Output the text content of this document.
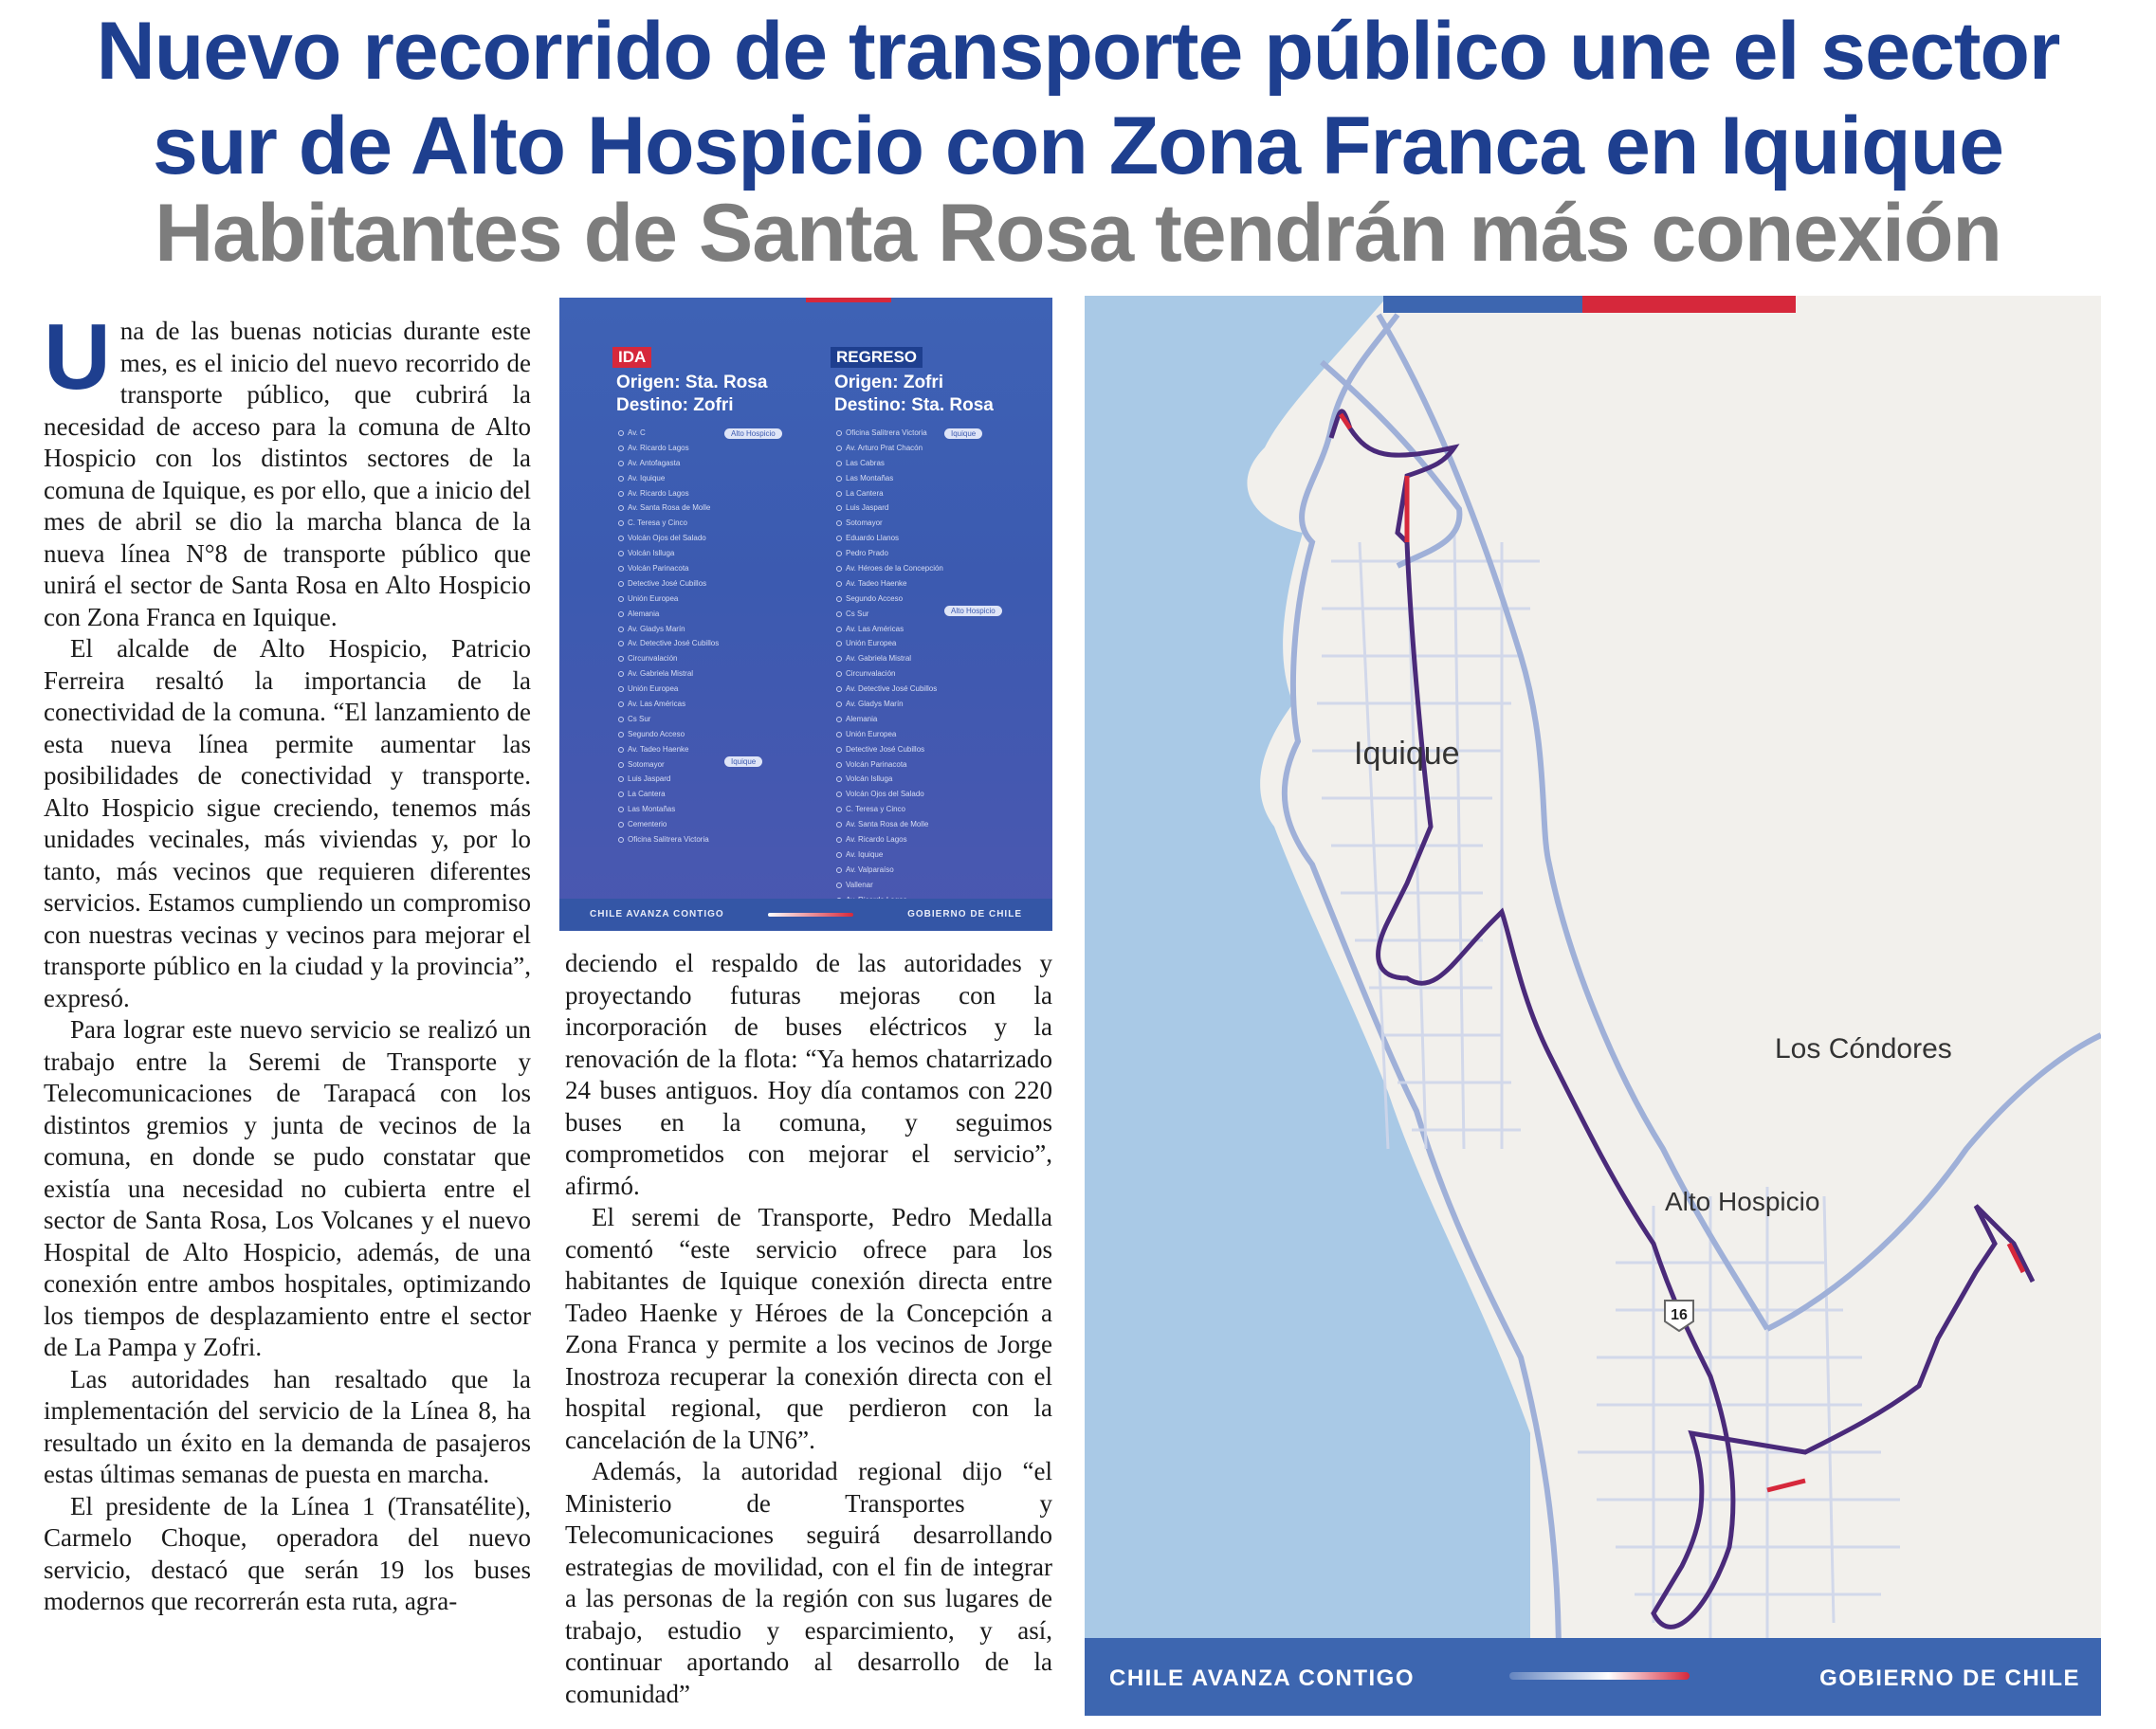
Nuevo recorrido de transporte público une el sector
sur de Alto Hospicio con Zona Franca en Iquique
Habitantes de Santa Rosa tendrán más conexión
U na de las buenas noticias durante este mes, es el inicio del nuevo recorrido de transporte público, que cubrirá la necesidad de acceso para la comuna de Alto Hospicio con los distintos sectores de la comuna de Iquique, es por ello, que a inicio del mes de abril se dio la marcha blanca de la nueva línea N°8 de transporte público que unirá el sector de Santa Rosa en Alto Hospicio con Zona Franca en Iquique.

El alcalde de Alto Hospicio, Patricio Ferreira resaltó la importancia de la conectividad de la comuna. “El lanzamiento de esta nueva línea permite aumentar las posibilidades de conectividad y transporte. Alto Hospicio sigue creciendo, tenemos más unidades vecinales, más viviendas y, por lo tanto, más vecinos que requieren diferentes servicios. Estamos cumpliendo un compromiso con nuestras vecinas y vecinos para mejorar el transporte público en la ciudad y la provincia”, expresó.

Para lograr este nuevo servicio se realizó un trabajo entre la Seremi de Transporte y Telecomunicaciones de Tarapacá con los distintos gremios y junta de vecinos de la comuna, en donde se pudo constatar que existía una necesidad no cubierta entre el sector de Santa Rosa, Los Volcanes y el nuevo Hospital de Alto Hospicio, además, de una conexión entre ambos hospitales, optimizando los tiempos de desplazamiento entre el sector de La Pampa y Zofri.

Las autoridades han resaltado que la implementación del servicio de la Línea 8, ha resultado un éxito en la demanda de pasajeros estas últimas semanas de puesta en marcha.

El presidente de la Línea 1 (Transatélite), Carmelo Choque, operadora del nuevo servicio, destacó que serán 19 los buses modernos que recorrerán esta ruta, agra-

deciendo el respaldo de las autoridades y proyectando futuras mejoras con la incorporación de buses eléctricos y la renovación de la flota: “Ya hemos chatarrizado 24 buses antiguos. Hoy día contamos con 220 buses en la comuna, y seguimos comprometidos con mejorar el servicio”, afirmó.

El seremi de Transporte, Pedro Medalla comentó “este servicio ofrece para los habitantes de Iquique conexión directa entre Tadeo Haenke y Héroes de la Concepción a Zona Franca y permite a los vecinos de Jorge Inostroza recuperar la conexión directa con el hospital regional, que perdieron con la cancelación de la UN6”.

Además, la autoridad regional dijo “el Ministerio de Transportes y Telecomunicaciones seguirá desarrollando estrategias de movilidad, con el fin de integrar a las personas de la región con sus lugares de trabajo, estudio y esparcimiento, y así, continuar aportando al desarrollo de la comunidad”

IDA
Origen: Sta. Rosa
Destino: Zofri
REGRESO
Origen: Zofri
Destino: Sta. Rosa
Av. C
Av. Ricardo Lagos
Av. Antofagasta
Av. Iquique
Av. Ricardo Lagos
Av. Santa Rosa de Molle
C. Teresa y Cinco
Volcán Ojos del Salado
Volcán Islluga
Volcán Parinacota
Detective José Cubillos
Unión Europea
Alemania
Av. Gladys Marín
Av. Detective José Cubillos
Circunvalación
Av. Gabriela Mistral
Unión Europea
Av. Las Américas
Cs Sur
Segundo Acceso
Av. Tadeo Haenke
Sotomayor
Luis Jaspard
La Cantera
Las Montañas
Cementerio
Oficina Salitrera Victoria
Alto Hospicio
Iquique
Oficina Salitrera Victoria
Av. Arturo Prat Chacón
Las Cabras
Las Montañas
La Cantera
Luis Jaspard
Sotomayor
Eduardo Llanos
Pedro Prado
Av. Héroes de la Concepción
Av. Tadeo Haenke
Segundo Acceso
Cs Sur
Av. Las Américas
Unión Europea
Av. Gabriela Mistral
Circunvalación
Av. Detective José Cubillos
Av. Gladys Marín
Alemania
Unión Europea
Detective José Cubillos
Volcán Parinacota
Volcán Islluga
Volcán Ojos del Salado
C. Teresa y Cinco
Av. Santa Rosa de Molle
Av. Ricardo Lagos
Av. Iquique
Av. Valparaíso
Vallenar
Iquique
Alto Hospicio
CHILE AVANZA CONTIGO	GOBIERNO DE CHILE
16
Iquique
Los Cóndores
Alto Hospicio
CHILE AVANZA CONTIGO	GOBIERNO DE CHILE
